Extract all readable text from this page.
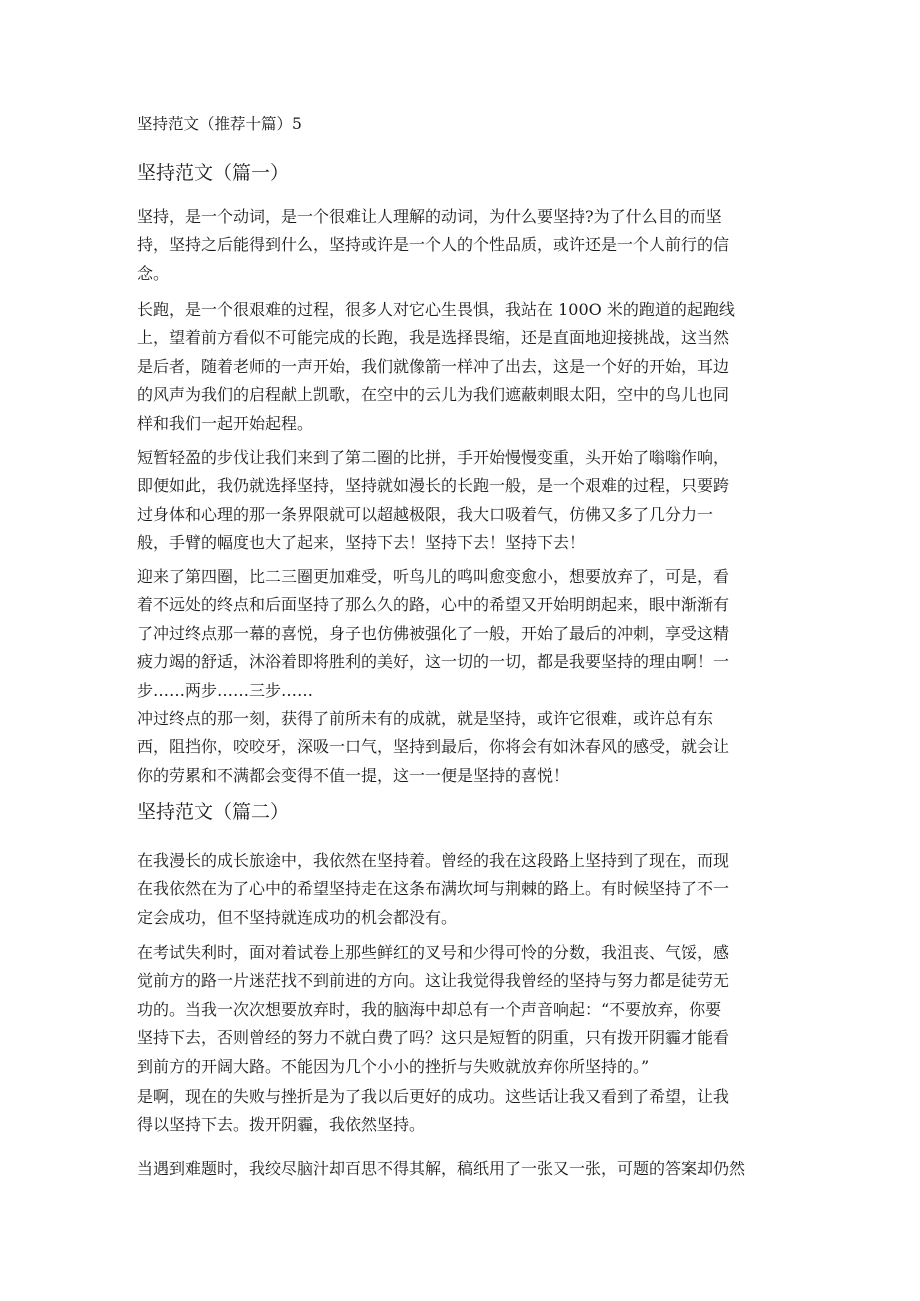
坚持范文（推荐十篇）5
坚持范文（篇一）
坚持，是一个动词，是一个很难让人理解的动词，为什么要坚持?为了什么目的而坚
持，坚持之后能得到什么，坚持或许是一个人的个性品质，或许还是一个人前行的信
念。
长跑，是一个很艰难的过程，很多人对它心生畏惧，我站在 100O 米的跑道的起跑线
上，望着前方看似不可能完成的长跑，我是选择畏缩，还是直面地迎接挑战，这当然
是后者，随着老师的一声开始，我们就像箭一样冲了出去，这是一个好的开始，耳边
的风声为我们的启程献上凯歌，在空中的云儿为我们遮蔽刺眼太阳，空中的鸟儿也同
样和我们一起开始起程。
短暂轻盈的步伐让我们来到了第二圈的比拼，手开始慢慢变重，头开始了嗡嗡作响，
即便如此，我仍就选择坚持，坚持就如漫长的长跑一般，是一个艰难的过程，只要跨
过身体和心理的那一条界限就可以超越极限，我大口吸着气，仿佛又多了几分力一
般，手臂的幅度也大了起来，坚持下去！坚持下去！坚持下去！
迎来了第四圈，比二三圈更加难受，听鸟儿的鸣叫愈变愈小，想要放弃了，可是，看
着不远处的终点和后面坚持了那么久的路，心中的希望又开始明朗起来，眼中渐渐有
了冲过终点那一幕的喜悦，身子也仿佛被强化了一般，开始了最后的冲刺，享受这精
疲力竭的舒适，沐浴着即将胜利的美好，这一切的一切，都是我要坚持的理由啊！一
步……两步……三步……
冲过终点的那一刻，获得了前所未有的成就，就是坚持，或许它很难，或许总有东
西，阻挡你，咬咬牙，深吸一口气，坚持到最后，你将会有如沐春风的感受，就会让
你的劳累和不满都会变得不值一提，这一一便是坚持的喜悦！
坚持范文（篇二）
在我漫长的成长旅途中，我依然在坚持着。曾经的我在这段路上坚持到了现在，而现
在我依然在为了心中的希望坚持走在这条布满坎坷与荆棘的路上。有时候坚持了不一
定会成功，但不坚持就连成功的机会都没有。
在考试失利时，面对着试卷上那些鲜红的叉号和少得可怜的分数，我沮丧、气馁，感
觉前方的路一片迷茫找不到前进的方向。这让我觉得我曾经的坚持与努力都是徒劳无
功的。当我一次次想要放弃时，我的脑海中却总有一个声音响起：“不要放弃，你要
坚持下去，否则曾经的努力不就白费了吗？这只是短暂的阴重，只有拨开阴霾才能看
到前方的开阔大路。不能因为几个小小的挫折与失败就放弃你所坚持的。”
是啊，现在的失败与挫折是为了我以后更好的成功。这些话让我又看到了希望，让我
得以坚持下去。拨开阴霾，我依然坚持。
当遇到难题时，我绞尽脑汁却百思不得其解，稿纸用了一张又一张，可题的答案却仍然
